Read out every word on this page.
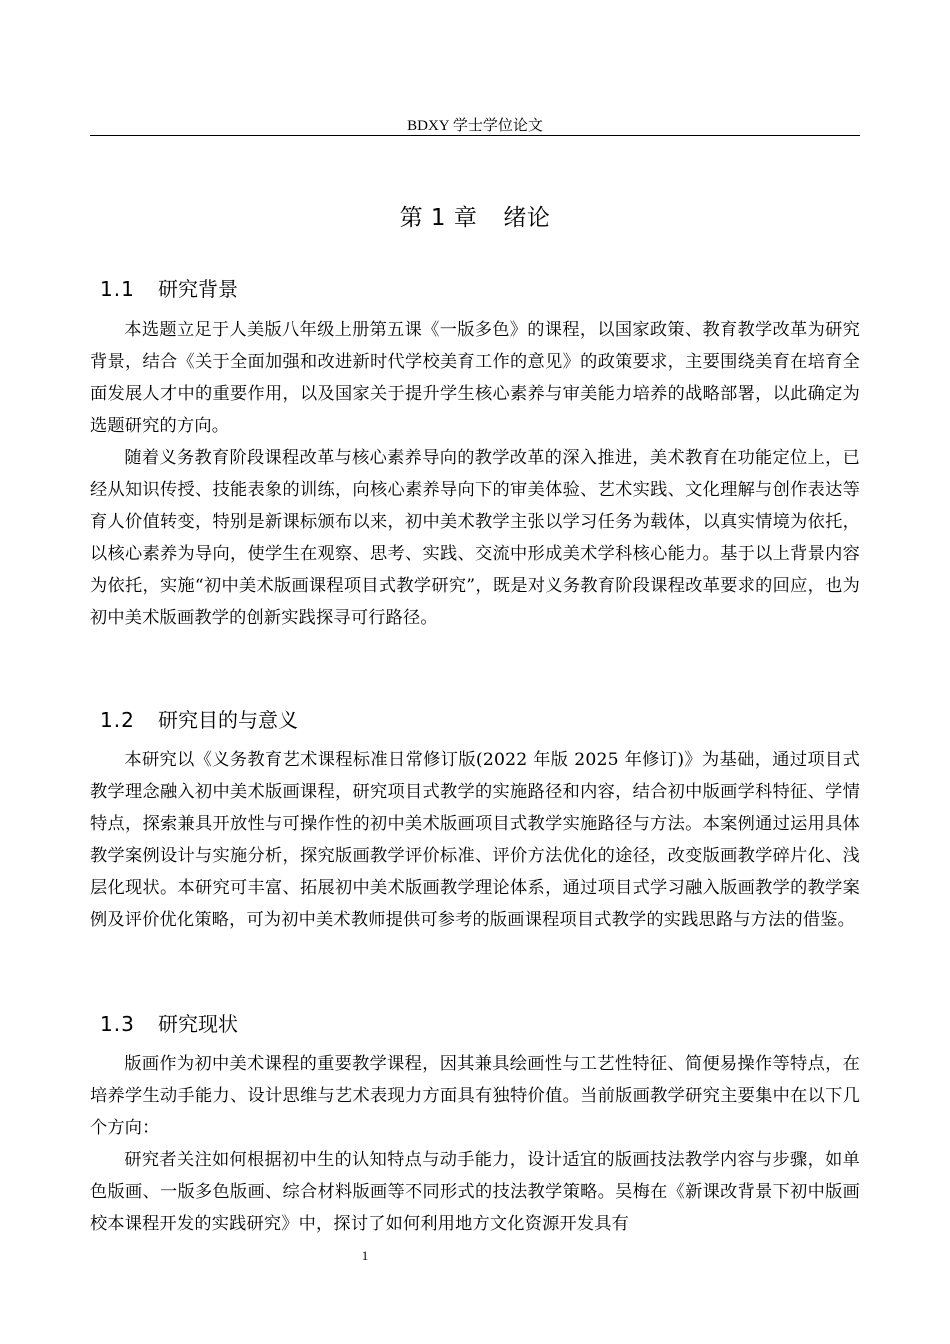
BDXY 学士学位论文
第 1 章 绪论
1.1 研究背景
本选题立足于人美版八年级上册第五课《一版多色》的课程，以国家政策、教育教学改革为研究背景，结合《关于全面加强和改进新时代学校美育工作的意见》的政策要求，主要围绕美育在培育全面发展人才中的重要作用，以及国家关于提升学生核心素养与审美能力培养的战略部署，以此确定为选题研究的方向。
随着义务教育阶段课程改革与核心素养导向的教学改革的深入推进，美术教育在功能定位上，已经从知识传授、技能表象的训练，向核心素养导向下的审美体验、艺术实践、文化理解与创作表达等育人价值转变，特别是新课标颁布以来，初中美术教学主张以学习任务为载体，以真实情境为依托，以核心素养为导向，使学生在观察、思考、实践、交流中形成美术学科核心能力。基于以上背景内容为依托，实施“初中美术版画课程项目式教学研究”，既是对义务教育阶段课程改革要求的回应，也为初中美术版画教学的创新实践探寻可行路径。
1.2 研究目的与意义
本研究以《义务教育艺术课程标准日常修订版(2022 年版 2025 年修订)》为基础，通过项目式教学理念融入初中美术版画课程，研究项目式教学的实施路径和内容，结合初中版画学科特征、学情特点，探索兼具开放性与可操作性的初中美术版画项目式教学实施路径与方法。本案例通过运用具体教学案例设计与实施分析，探究版画教学评价标准、评价方法优化的途径，改变版画教学碎片化、浅层化现状。本研究可丰富、拓展初中美术版画教学理论体系，通过项目式学习融入版画教学的教学案例及评价优化策略，可为初中美术教师提供可参考的版画课程项目式教学的实践思路与方法的借鉴。
1.3 研究现状
版画作为初中美术课程的重要教学课程，因其兼具绘画性与工艺性特征、简便易操作等特点，在培养学生动手能力、设计思维与艺术表现力方面具有独特价值。当前版画教学研究主要集中在以下几个方向：
研究者关注如何根据初中生的认知特点与动手能力，设计适宜的版画技法教学内容与步骤，如单色版画、一版多色版画、综合材料版画等不同形式的技法教学策略。吴梅在《新课改背景下初中版画校本课程开发的实践研究》中，探讨了如何利用地方文化资源开发具有
1
